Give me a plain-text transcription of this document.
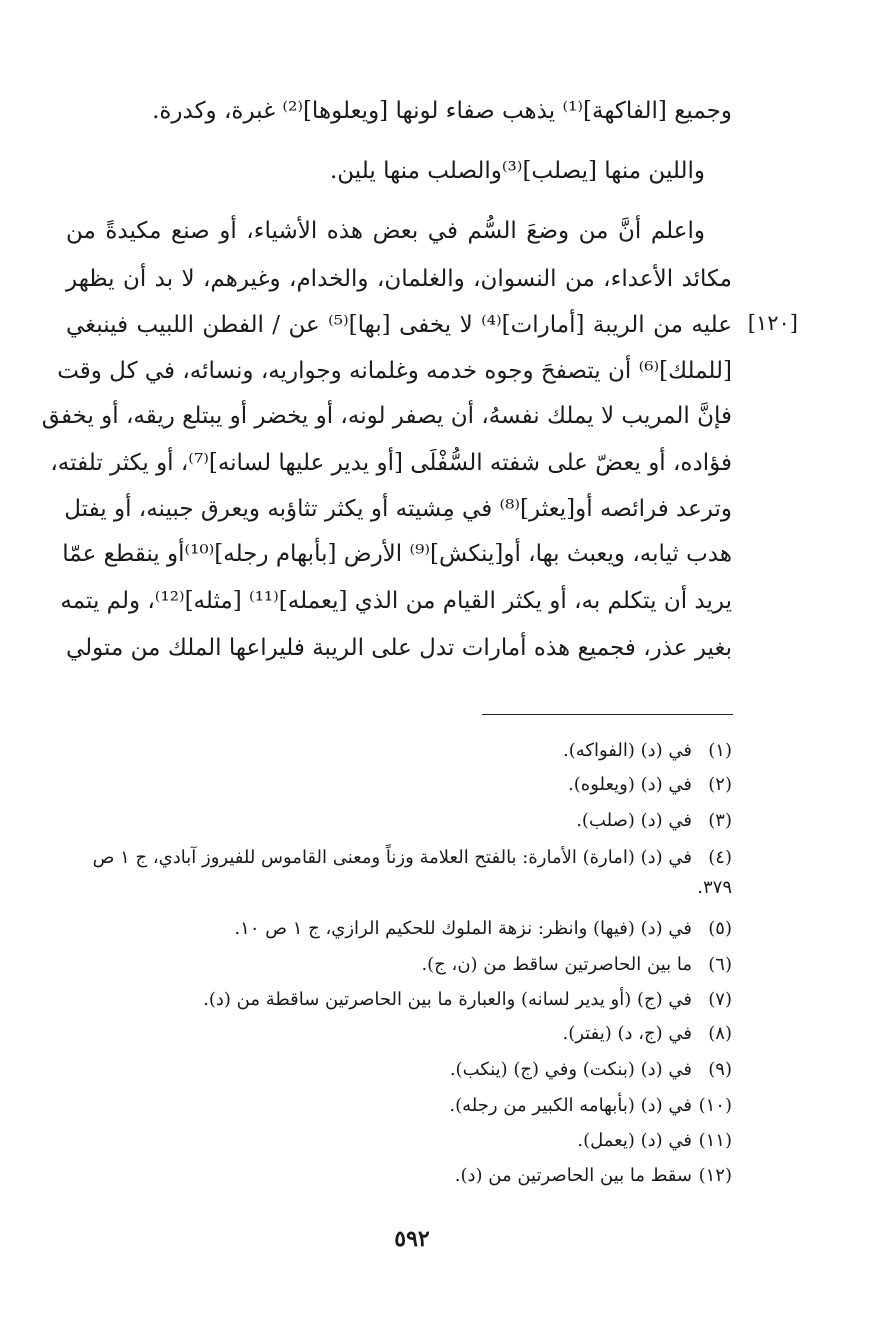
وجميع [الفاكهة]⁽¹⁾ يذهب صفاء لونها [ويعلوها]⁽²⁾ غبرة، وكدرة.
واللين منها [يصلب]⁽³⁾والصلب منها يلين.
واعلم أنَّ من وضعَ السُّم في بعض هذه الأشياء، أو صنع مكيدةً من
مكائد الأعداء، من النسوان، والغلمان، والخدام، وغيرهم، لا بد أن يظهر
عليه من الريبة [أمارات]⁽⁴⁾ لا يخفى [بها]⁽⁵⁾ عن / الفطن اللبيب فينبغي [١٢٠]
[للملك]⁽⁶⁾ أن يتصفحَ وجوه خدمه وغلمانه وجواريه، ونسائه، في كل وقت
فإنَّ المريب لا يملك نفسهُ، أن يصفر لونه، أو يخضر أو يبتلع ريقه، أو يخفق
فؤاده، أو يعضّ على شفته السُّفْلَى [أو يدير عليها لسانه]⁽⁷⁾، أو يكثر تلفته،
وترعد فرائصه أو[يعثر]⁽⁸⁾ في مِشيته أو يكثر تثاؤبه ويعرق جبينه، أو يفتل
هدب ثيابه، ويعبث بها، أو[ينكش]⁽⁹⁾ الأرض [بأبهام رجله]⁽¹⁰⁾أو ينقطع عمّا
يريد أن يتكلم به، أو يكثر القيام من الذي [يعمله]⁽¹¹⁾ [مثله]⁽¹²⁾، ولم يتمه
بغير عذر، فجميع هذه أمارات تدل على الريبة فليراعها الملك من متولي
(١)في (د) (الفواكه).
(٢)في (د) (ويعلوه).
(٣)في (د) (صلب).
(٤)في (د) (امارة) الأمارة: بالفتح العلامة وزناً ومعنى القاموس للفيروز آبادي، ج ١ ص ٣٧٩.
(٥)في (د) (فيها) وانظر: نزهة الملوك للحكيم الرازي، ج ١ ص ١٠.
(٦)ما بين الحاصرتين ساقط من (ن، ج).
(٧)في (ج) (أو يدير لسانه) والعبارة ما بين الحاصرتين ساقطة من (د).
(٨)في (ج، د) (يفتر).
(٩)في (د) (بنكت) وفي (ج) (ينكب).
(١٠)في (د) (بأبهامه الكبير من رجله).
(١١)في (د) (يعمل).
(١٢)سقط ما بين الحاصرتين من (د).
٥٩٢
